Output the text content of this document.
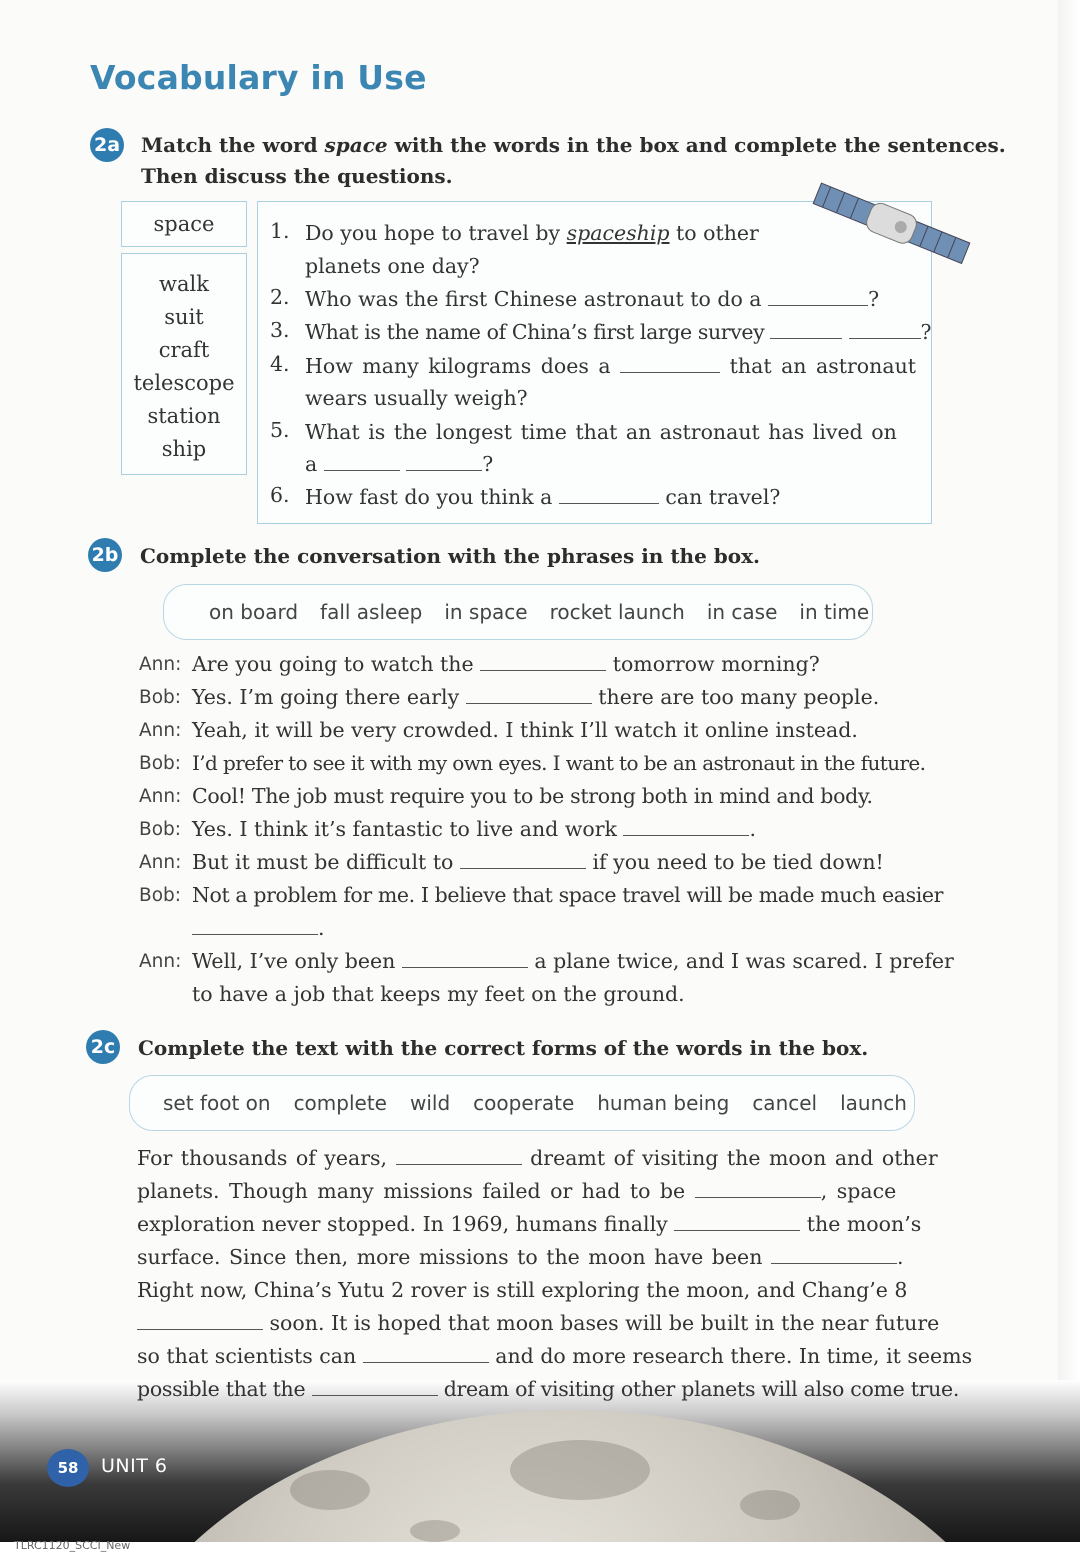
Vocabulary in Use
2a Match the word space with the words in the box and complete the sentences.
Then discuss the questions.
space
walk
suit
craft
telescope
station
ship
1. Do you hope to travel by spaceship to other
planets one day?
2. Who was the first Chinese astronaut to do a	?
3. What is the name of China’s first large survey	?
4. How many kilograms does a	that an astronaut
wears usually weigh?
5. What is the longest time that an astronaut has lived on
a	?
6. How fast do you think a	can travel?
2b Complete the conversation with the phrases in the box.
on board fall asleep in space rocket launch in case in time
Ann: Are you going to watch the	tomorrow morning?
Bob: Yes. I’m going there early	there are too many people.
Ann: Yeah, it will be very crowded. I think I’ll watch it online instead.
Bob: I’d prefer to see it with my own eyes. I want to be an astronaut in the future.
Ann: Cool! The job must require you to be strong both in mind and body.
Bob: Yes. I think it’s fantastic to live and work	.
Ann: But it must be difficult to	if you need to be tied down!
Bob: Not a problem for me. I believe that space travel will be made much easier
.
Ann: Well, I’ve only been	a plane twice, and I was scared. I prefer
to have a job that keeps my feet on the ground.
2c Complete the text with the correct forms of the words in the box.
set foot on complete wild cooperate human being cancel launch
For thousands of years,	dreamt of visiting the moon and other
planets. Though many missions failed or had to be	, space
exploration never stopped. In 1969, humans finally	the moon’s
surface. Since then, more missions to the moon have been	.
Right now, China’s Yutu 2 rover is still exploring the moon, and Chang’e 8
soon. It is hoped that moon bases will be built in the near future
so that scientists can	and do more research there. In time, it seems
possible that the	dream of visiting other planets will also come true.
58	UNIT 6
TLRC1120_SCCI_New
